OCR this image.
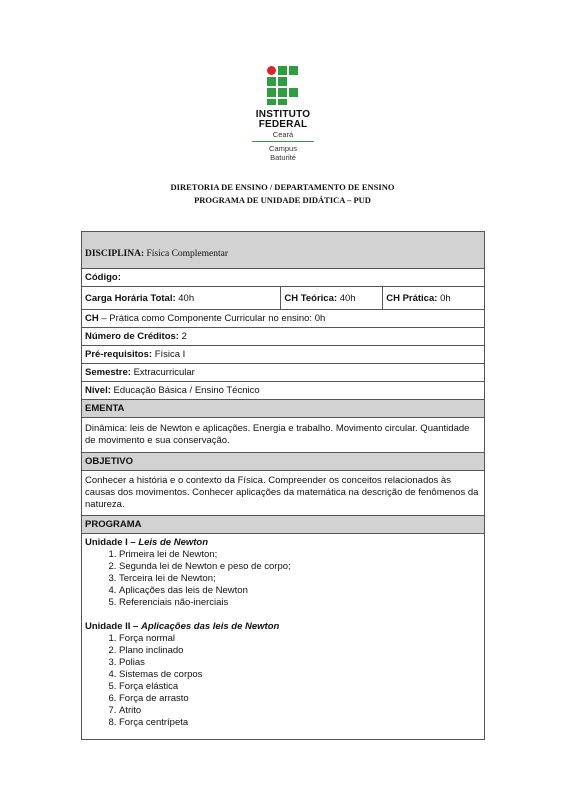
INSTITUTO
FEDERAL
Ceará
Campus
Baturité
DIRETORIA DE ENSINO / DEPARTAMENTO DE ENSINO
PROGRAMA DE UNIDADE DIDÁTICA – PUD
DISCIPLINA: Física Complementar
Código:
Carga Horária Total: 40h	CH Teórica: 40h	CH Prática: 0h
CH – Prática como Componente Curricular no ensino: 0h
Número de Créditos: 2
Pré-requisitos: Física I
Semestre: Extracurricular
Nível: Educação Básica / Ensino Técnico
EMENTA

Dinâmica: leis de Newton e aplicações. Energia e trabalho. Movimento circular. Quantidade de movimento e sua conservação.

OBJETIVO

Conhecer a história e o contexto da Física. Compreender os conceitos relacionados às causas dos movimentos. Conhecer aplicações da matemática na descrição de fenômenos da natureza.

PROGRAMA

Unidade I – Leis de Newton
1. Primeira lei de Newton;
2. Segunda lei de Newton e peso de corpo;
3. Terceira lei de Newton;
4. Aplicações das leis de Newton
5. Referenciais não-inerciais
Unidade II – Aplicações das leis de Newton
1. Força normal
2. Plano inclinado
3. Polias
4. Sistemas de corpos
5. Força elástica
6. Força de arrasto
7. Atrito
8. Força centrípeta
